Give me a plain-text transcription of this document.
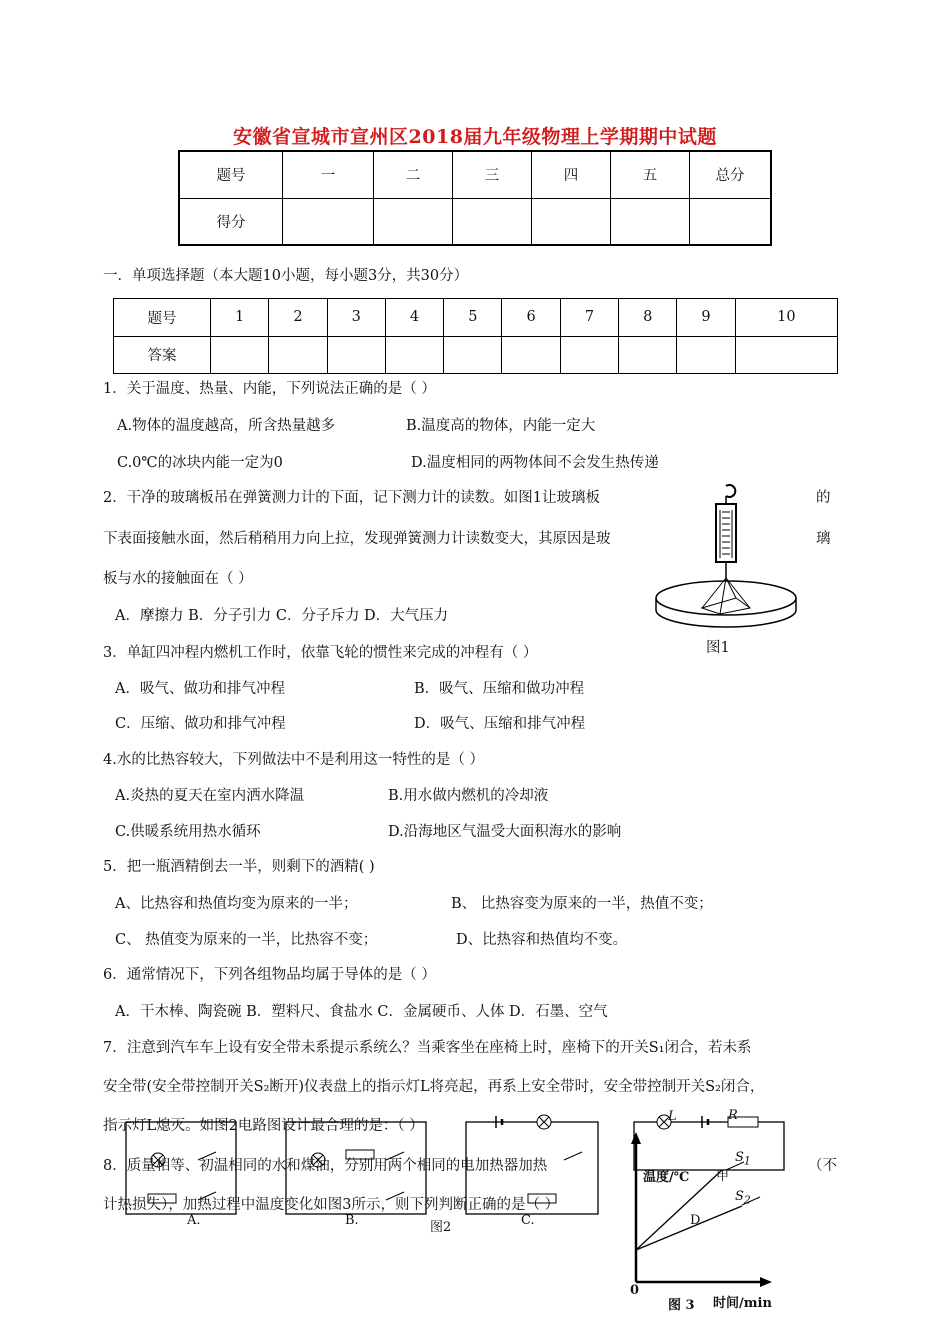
安徽省宣城市宣州区2018届九年级物理上学期期中试题
题号	一	二	三	四	五	总分
得分						
一．单项选择题（本大题10小题，每小题3分，共30分）
题号	1	2	3	4	5	6	7	8	9	10
答案										
1．关于温度、热量、内能，下列说法正确的是（ ）
A.物体的温度越高，所含热量越多	B.温度高的物体，内能一定大
C.0℃的冰块内能一定为0	D.温度相同的两物体间不会发生热传递
2．干净的玻璃板吊在弹簧测力计的下面，记下测力计的读数。如图1让玻璃板	的
下表面接触水面，然后稍稍用力向上拉，发现弹簧测力计读数变大，其原因是玻	璃
板与水的接触面在（ ）
A．摩擦力 B．分子引力 C．分子斥力 D．大气压力
图1
3．单缸四冲程内燃机工作时，依靠飞轮的惯性来完成的冲程有（ ）
A．吸气、做功和排气冲程	B．吸气、压缩和做功冲程
C．压缩、做功和排气冲程	D．吸气、压缩和排气冲程
4.水的比热容较大，下列做法中不是利用这一特性的是（ ）
A.炎热的夏天在室内洒水降温	B.用水做内燃机的冷却液
C.供暖系统用热水循环	D.沿海地区气温受大面积海水的影响
5．把一瓶酒精倒去一半，则剩下的酒精( )
A、比热容和热值均变为原来的一半；	B、 比热容变为原来的一半，热值不变；
C、 热值变为原来的一半，比热容不变；	D、比热容和热值均不变。
6．通常情况下，下列各组物品均属于导体的是（ ）
A．干木棒、陶瓷碗 B．塑料尺、食盐水 C．金属硬币、人体 D．石墨、空气
7．注意到汽车车上设有安全带未系提示系统么？当乘客坐在座椅上时，座椅下的开关S₁闭合，若未系
安全带(安全带控制开关S₂断开)仪表盘上的指示灯L将亮起，再系上安全带时，安全带控制开关S₂闭合，
A.	B.	C.
图2
指示灯L熄灭。如图2电路图设计最合理的是：（ ）
温度/℃ 甲
D
0
图 3 时间/min
L	R
$S_1$
$S_2$
8．质量相等、初温相同的水和煤油，分别用两个相同的电加热器加热	（不
计热损失），加热过程中温度变化如图3所示，则下列判断正确的是（ ）
